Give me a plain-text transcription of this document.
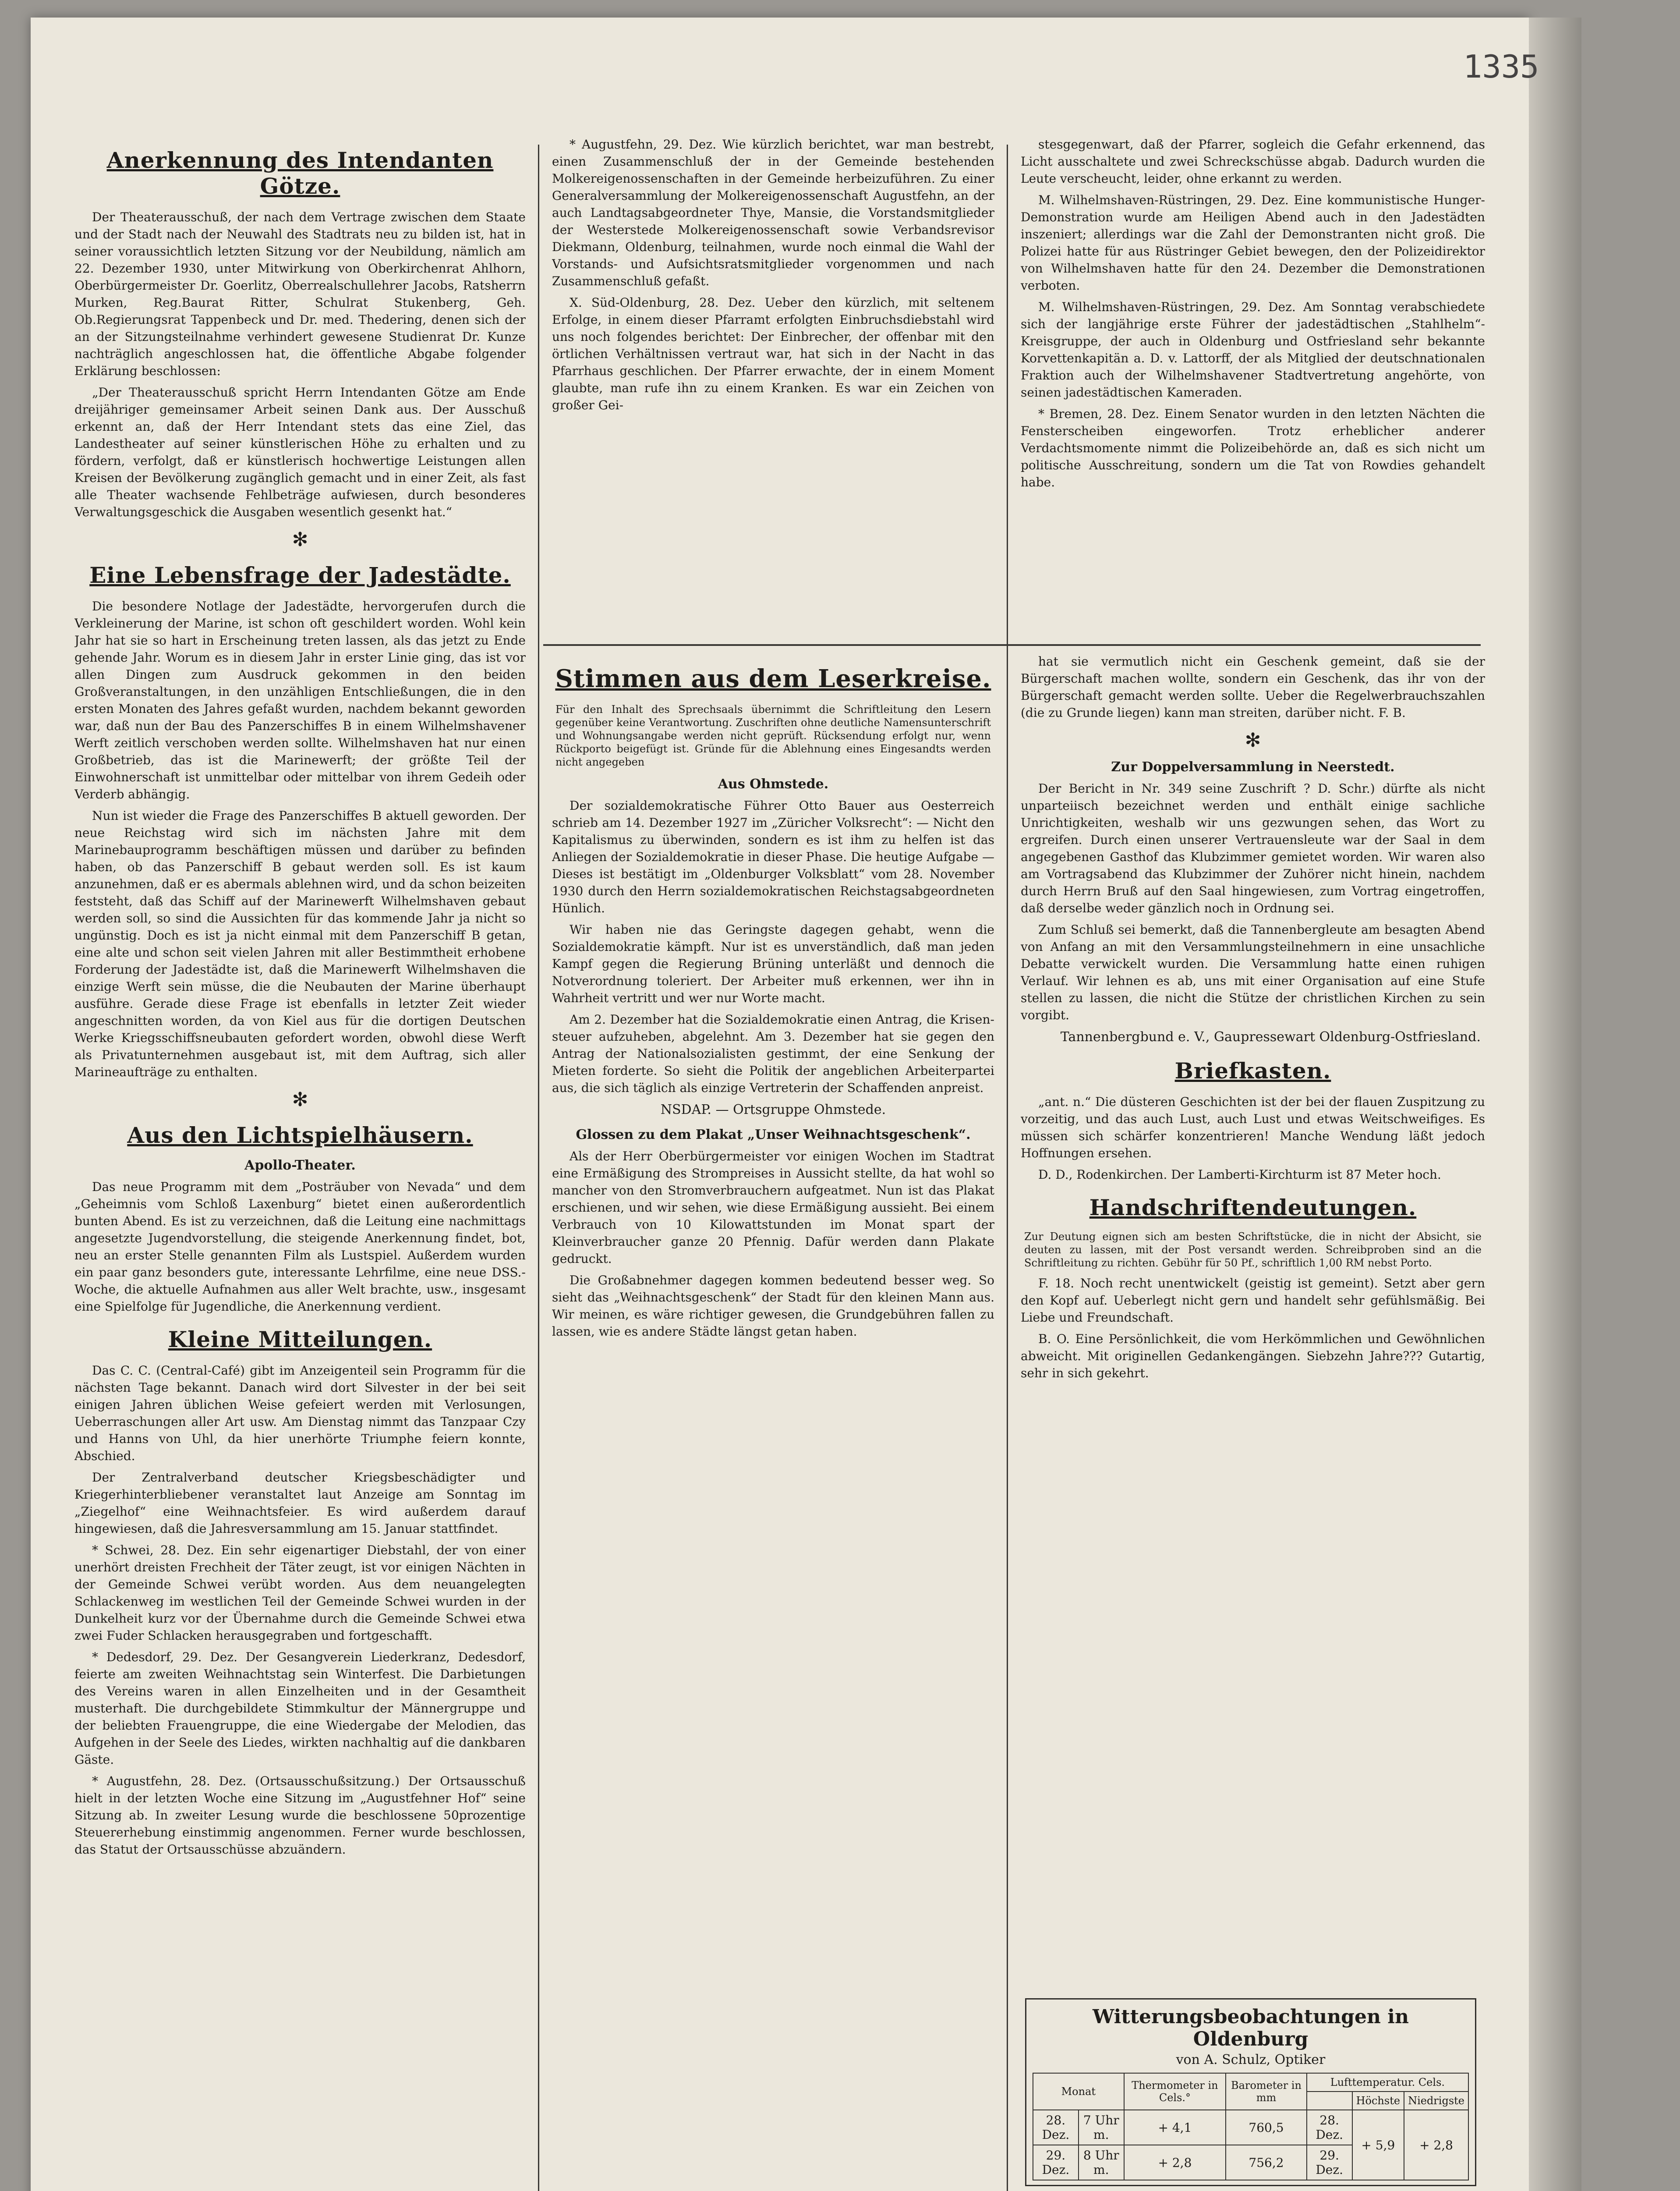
1335
Anerkennung des Intendanten Götze.

Der Theaterausschuß, der nach dem Vertrage zwischen dem Staate und der Stadt nach der Neuwahl des Stadtrats neu zu bilden ist, hat in seiner voraussichtlich letzten Sitzung vor der Neubildung, nämlich am 22. Dezember 1930, unter Mitwirkung von Oberkirchenrat Ahlhorn, Oberbürgermeister Dr. Goerlitz, Oberrealschullehrer Jacobs, Ratsherrn Murken, Reg.Baurat Ritter, Schulrat Stukenberg, Geh. Ob.Regierungsrat Tappenbeck und Dr. med. Thedering, denen sich der an der Sitzungsteilnahme verhindert gewesene Studienrat Dr. Kunze nachträglich angeschlossen hat, die öffentliche Abgabe folgender Erklärung beschlossen:

„Der Theaterausschuß spricht Herrn Intendanten Götze am Ende dreijähriger gemeinsamer Arbeit seinen Dank aus. Der Ausschuß erkennt an, daß der Herr Intendant stets das eine Ziel, das Landestheater auf seiner künstlerischen Höhe zu erhalten und zu fördern, verfolgt, daß er künstlerisch hochwertige Leistungen allen Kreisen der Bevölkerung zugänglich gemacht und in einer Zeit, als fast alle Theater wachsende Fehlbeträge aufwiesen, durch besonderes Verwaltungsgeschick die Ausgaben wesentlich gesenkt hat.“

✻
Eine Lebensfrage der Jadestädte.

Die besondere Notlage der Jadestädte, hervorgerufen durch die Verkleinerung der Marine, ist schon oft geschildert worden. Wohl kein Jahr hat sie so hart in Erscheinung treten lassen, als das jetzt zu Ende gehende Jahr. Worum es in diesem Jahr in erster Linie ging, das ist vor allen Dingen zum Ausdruck gekommen in den beiden Großveranstaltungen, in den unzähligen Entschließungen, die in den ersten Monaten des Jahres gefaßt wurden, nachdem bekannt geworden war, daß nun der Bau des Panzerschiffes B in einem Wilhelmshavener Werft zeitlich verschoben werden sollte. Wilhelmshaven hat nur einen Großbetrieb, das ist die Marinewerft; der größte Teil der Einwohnerschaft ist unmittelbar oder mittelbar von ihrem Gedeih oder Verderb abhängig.

Nun ist wieder die Frage des Panzerschiffes B aktuell geworden. Der neue Reichstag wird sich im nächsten Jahre mit dem Marinebauprogramm beschäftigen müssen und darüber zu befinden haben, ob das Panzerschiff B gebaut werden soll. Es ist kaum anzunehmen, daß er es abermals ablehnen wird, und da schon beizeiten feststeht, daß das Schiff auf der Marinewerft Wilhelmshaven gebaut werden soll, so sind die Aussichten für das kommende Jahr ja nicht so ungünstig. Doch es ist ja nicht einmal mit dem Panzerschiff B getan, eine alte und schon seit vielen Jahren mit aller Bestimmtheit erhobene Forderung der Jadestädte ist, daß die Marinewerft Wilhelmshaven die einzige Werft sein müsse, die die Neubauten der Marine überhaupt ausführe. Gerade diese Frage ist ebenfalls in letzter Zeit wieder angeschnitten worden, da von Kiel aus für die dortigen Deutschen Werke Kriegsschiffsneubauten gefordert worden, obwohl diese Werft als Privatunternehmen ausgebaut ist, mit dem Auftrag, sich aller Marineaufträge zu enthalten.

✻
Aus den Lichtspielhäusern.
Apollo-Theater.

Das neue Programm mit dem „Posträuber von Nevada“ und dem „Geheimnis vom Schloß Laxenburg“ bietet einen außerordentlich bunten Abend. Es ist zu verzeichnen, daß die Leitung eine nachmittags angesetzte Jugendvorstellung, die steigende Anerkennung findet, bot, neu an erster Stelle genannten Film als Lustspiel. Außerdem wurden ein paar ganz besonders gute, interessante Lehrfilme, eine neue DSS.-Woche, die aktuelle Aufnahmen aus aller Welt brachte, usw., insgesamt eine Spielfolge für Jugendliche, die Anerkennung verdient.

Kleine Mitteilungen.

Das C. C. (Central-Café) gibt im Anzeigenteil sein Programm für die nächsten Tage bekannt. Danach wird dort Silvester in der bei seit einigen Jahren üblichen Weise gefeiert werden mit Verlosungen, Ueberraschungen aller Art usw. Am Dienstag nimmt das Tanzpaar Czy und Hanns von Uhl, da hier unerhörte Triumphe feiern konnte, Abschied.

Der Zentralverband deutscher Kriegsbeschädigter und Kriegerhinterbliebener veranstaltet laut Anzeige am Sonntag im „Ziegelhof“ eine Weihnachtsfeier. Es wird außerdem darauf hingewiesen, daß die Jahresversammlung am 15. Januar stattfindet.

* Schwei, 28. Dez. Ein sehr eigenartiger Diebstahl, der von einer unerhört dreisten Frechheit der Täter zeugt, ist vor einigen Nächten in der Gemeinde Schwei verübt worden. Aus dem neuangelegten Schlackenweg im westlichen Teil der Gemeinde Schwei wurden in der Dunkelheit kurz vor der Übernahme durch die Gemeinde Schwei etwa zwei Fuder Schlacken herausgegraben und fortgeschafft.

* Dedesdorf, 29. Dez. Der Gesangverein Liederkranz, Dedesdorf, feierte am zweiten Weihnachtstag sein Winterfest. Die Darbietungen des Vereins waren in allen Einzelheiten und in der Gesamtheit musterhaft. Die durchgebildete Stimmkultur der Männergruppe und der beliebten Frauengruppe, die eine Wiedergabe der Melodien, das Aufgehen in der Seele des Liedes, wirkten nachhaltig auf die dankbaren Gäste.

* Augustfehn, 28. Dez. (Ortsausschußsitzung.) Der Ortsausschuß hielt in der letzten Woche eine Sitzung im „Augustfehner Hof“ seine Sitzung ab. In zweiter Lesung wurde die beschlossene 50prozentige Steuererhebung einstimmig angenommen. Ferner wurde beschlossen, das Statut der Ortsausschüsse abzuändern.

* Augustfehn, 29. Dez. Wie kürzlich berichtet, war man bestrebt, einen Zusammenschluß der in der Gemeinde bestehenden Molkereigenossenschaften in der Gemeinde herbeizuführen. Zu einer Generalversammlung der Molkereigenossenschaft Augustfehn, an der auch Landtagsabgeordneter Thye, Mansie, die Vorstandsmitglieder der Westerstede Molkereigenossenschaft sowie Verbandsrevisor Diekmann, Oldenburg, teilnahmen, wurde noch einmal die Wahl der Vorstands- und Aufsichtsratsmitglieder vorgenommen und nach Zusammenschluß gefaßt.

X. Süd-Oldenburg, 28. Dez. Ueber den kürzlich, mit seltenem Erfolge, in einem dieser Pfarramt erfolgten Einbruchsdiebstahl wird uns noch folgendes berichtet: Der Einbrecher, der offenbar mit den örtlichen Verhältnissen vertraut war, hat sich in der Nacht in das Pfarrhaus geschlichen. Der Pfarrer erwachte, der in einem Moment glaubte, man rufe ihn zu einem Kranken. Es war ein Zeichen von großer Gei-

stesgegenwart, daß der Pfarrer, sogleich die Gefahr erkennend, das Licht ausschaltete und zwei Schreckschüsse abgab. Dadurch wurden die Leute verscheucht, leider, ohne erkannt zu werden.

M. Wilhelmshaven-Rüstringen, 29. Dez. Eine kommunistische Hunger-Demonstration wurde am Heiligen Abend auch in den Jadestädten inszeniert; allerdings war die Zahl der Demonstranten nicht groß. Die Polizei hatte für aus Rüstringer Gebiet bewegen, den der Polizeidirektor von Wilhelmshaven hatte für den 24. Dezember die Demonstrationen verboten.

M. Wilhelmshaven-Rüstringen, 29. Dez. Am Sonntag verabschiedete sich der langjährige erste Führer der jadestädtischen „Stahlhelm“-Kreisgruppe, der auch in Oldenburg und Ostfriesland sehr bekannte Korvettenkapitän a. D. v. Lattorff, der als Mitglied der deutschnationalen Fraktion auch der Wilhelmshavener Stadtvertretung angehörte, von seinen jadestädtischen Kameraden.

* Bremen, 28. Dez. Einem Senator wurden in den letzten Nächten die Fensterscheiben eingeworfen. Trotz erheblicher anderer Verdachtsmomente nimmt die Polizeibehörde an, daß es sich nicht um politische Ausschreitung, sondern um die Tat von Rowdies gehandelt habe.

Stimmen aus dem Leserkreise.

Für den Inhalt des Sprechsaals übernimmt die Schriftleitung den Lesern gegenüber keine Verantwortung. Zuschriften ohne deutliche Namensunterschrift und Wohnungsangabe werden nicht geprüft. Rücksendung erfolgt nur, wenn Rückporto beigefügt ist. Gründe für die Ablehnung eines Eingesandts werden nicht angegeben

Aus Ohmstede.

Der sozialdemokratische Führer Otto Bauer aus Oesterreich schrieb am 14. Dezember 1927 im „Züricher Volksrecht“: — Nicht den Kapitalismus zu überwinden, sondern es ist ihm zu helfen ist das Anliegen der Sozialdemokratie in dieser Phase. Die heutige Aufgabe — Dieses ist bestätigt im „Oldenburger Volksblatt“ vom 28. November 1930 durch den Herrn sozialdemokratischen Reichstagsabgeordneten Hünlich.

Wir haben nie das Geringste dagegen gehabt, wenn die Sozialdemokratie kämpft. Nur ist es unverständlich, daß man jeden Kampf gegen die Regierung Brüning unterläßt und dennoch die Notverordnung toleriert. Der Arbeiter muß erkennen, wer ihn in Wahrheit vertritt und wer nur Worte macht.

Am 2. Dezember hat die Sozialdemokratie einen Antrag, die Krisensteuer aufzuheben, abgelehnt. Am 3. Dezember hat sie gegen den Antrag der Nationalsozialisten gestimmt, der eine Senkung der Mieten forderte. So sieht die Politik der angeblichen Arbeiterpartei aus, die sich täglich als einzige Vertreterin der Schaffenden anpreist.

NSDAP. — Ortsgruppe Ohmstede.
Glossen zu dem Plakat „Unser Weihnachtsgeschenk“.

Als der Herr Oberbürgermeister vor einigen Wochen im Stadtrat eine Ermäßigung des Strompreises in Aussicht stellte, da hat wohl so mancher von den Stromverbrauchern aufgeatmet. Nun ist das Plakat erschienen, und wir sehen, wie diese Ermäßigung aussieht. Bei einem Verbrauch von 10 Kilowattstunden im Monat spart der Kleinverbraucher ganze 20 Pfennig. Dafür werden dann Plakate gedruckt.

Die Großabnehmer dagegen kommen bedeutend besser weg. So sieht das „Weihnachtsgeschenk“ der Stadt für den kleinen Mann aus. Wir meinen, es wäre richtiger gewesen, die Grundgebühren fallen zu lassen, wie es andere Städte längst getan haben.

hat sie vermutlich nicht ein Geschenk gemeint, daß sie der Bürgerschaft machen wollte, sondern ein Geschenk, das ihr von der Bürgerschaft gemacht werden sollte. Ueber die Regelwerbrauchszahlen (die zu Grunde liegen) kann man streiten, darüber nicht. F. B.

✻
Zur Doppelversammlung in Neerstedt.

Der Bericht in Nr. 349 seine Zuschrift ? D. Schr.) dürfte als nicht unparteiisch bezeichnet werden und enthält einige sachliche Unrichtigkeiten, weshalb wir uns gezwungen sehen, das Wort zu ergreifen. Durch einen unserer Vertrauensleute war der Saal in dem angegebenen Gasthof das Klubzimmer gemietet worden. Wir waren also am Vortragsabend das Klubzimmer der Zuhörer nicht hinein, nachdem durch Herrn Bruß auf den Saal hingewiesen, zum Vortrag eingetroffen, daß derselbe weder gänzlich noch in Ordnung sei.

Zum Schluß sei bemerkt, daß die Tannenbergleute am besagten Abend von Anfang an mit den Versammlungsteilnehmern in eine unsachliche Debatte verwickelt wurden. Die Versammlung hatte einen ruhigen Verlauf. Wir lehnen es ab, uns mit einer Organisation auf eine Stufe stellen zu lassen, die nicht die Stütze der christlichen Kirchen zu sein vorgibt.

Tannenbergbund e. V., Gaupressewart Oldenburg-Ostfriesland.
Briefkasten.

„ant. n.“ Die düsteren Geschichten ist der bei der flauen Zuspitzung zu vorzeitig, und das auch Lust, auch Lust und etwas Weitschweifiges. Es müssen sich schärfer konzentrieren! Manche Wendung läßt jedoch Hoffnungen ersehen.

D. D., Rodenkirchen. Der Lamberti-Kirchturm ist 87 Meter hoch.

Handschriftendeutungen.

Zur Deutung eignen sich am besten Schriftstücke, die in nicht der Absicht, sie deuten zu lassen, mit der Post versandt werden. Schreibproben sind an die Schriftleitung zu richten. Gebühr für 50 Pf., schriftlich 1,00 RM nebst Porto.

F. 18. Noch recht unentwickelt (geistig ist gemeint). Setzt aber gern den Kopf auf. Ueberlegt nicht gern und handelt sehr gefühlsmäßig. Bei Liebe und Freundschaft.

B. O. Eine Persönlichkeit, die vom Herkömmlichen und Gewöhnlichen abweicht. Mit originellen Gedankengängen. Siebzehn Jahre??? Gutartig, sehr in sich gekehrt.

Witterungsbeobachtungen in Oldenburg
von A. Schulz, Optiker
Monat		Thermometer in Cels.°	Barometer in mm	Lufttemperatur. Cels.		
					Höchste	Niedrigste
28. Dez.	7 Uhr m.	+ 4,1	760,5	28. Dez.	+ 5,9	+ 2,8
29. Dez.	8 Uhr m.	+ 2,8	756,2	29. Dez.		
